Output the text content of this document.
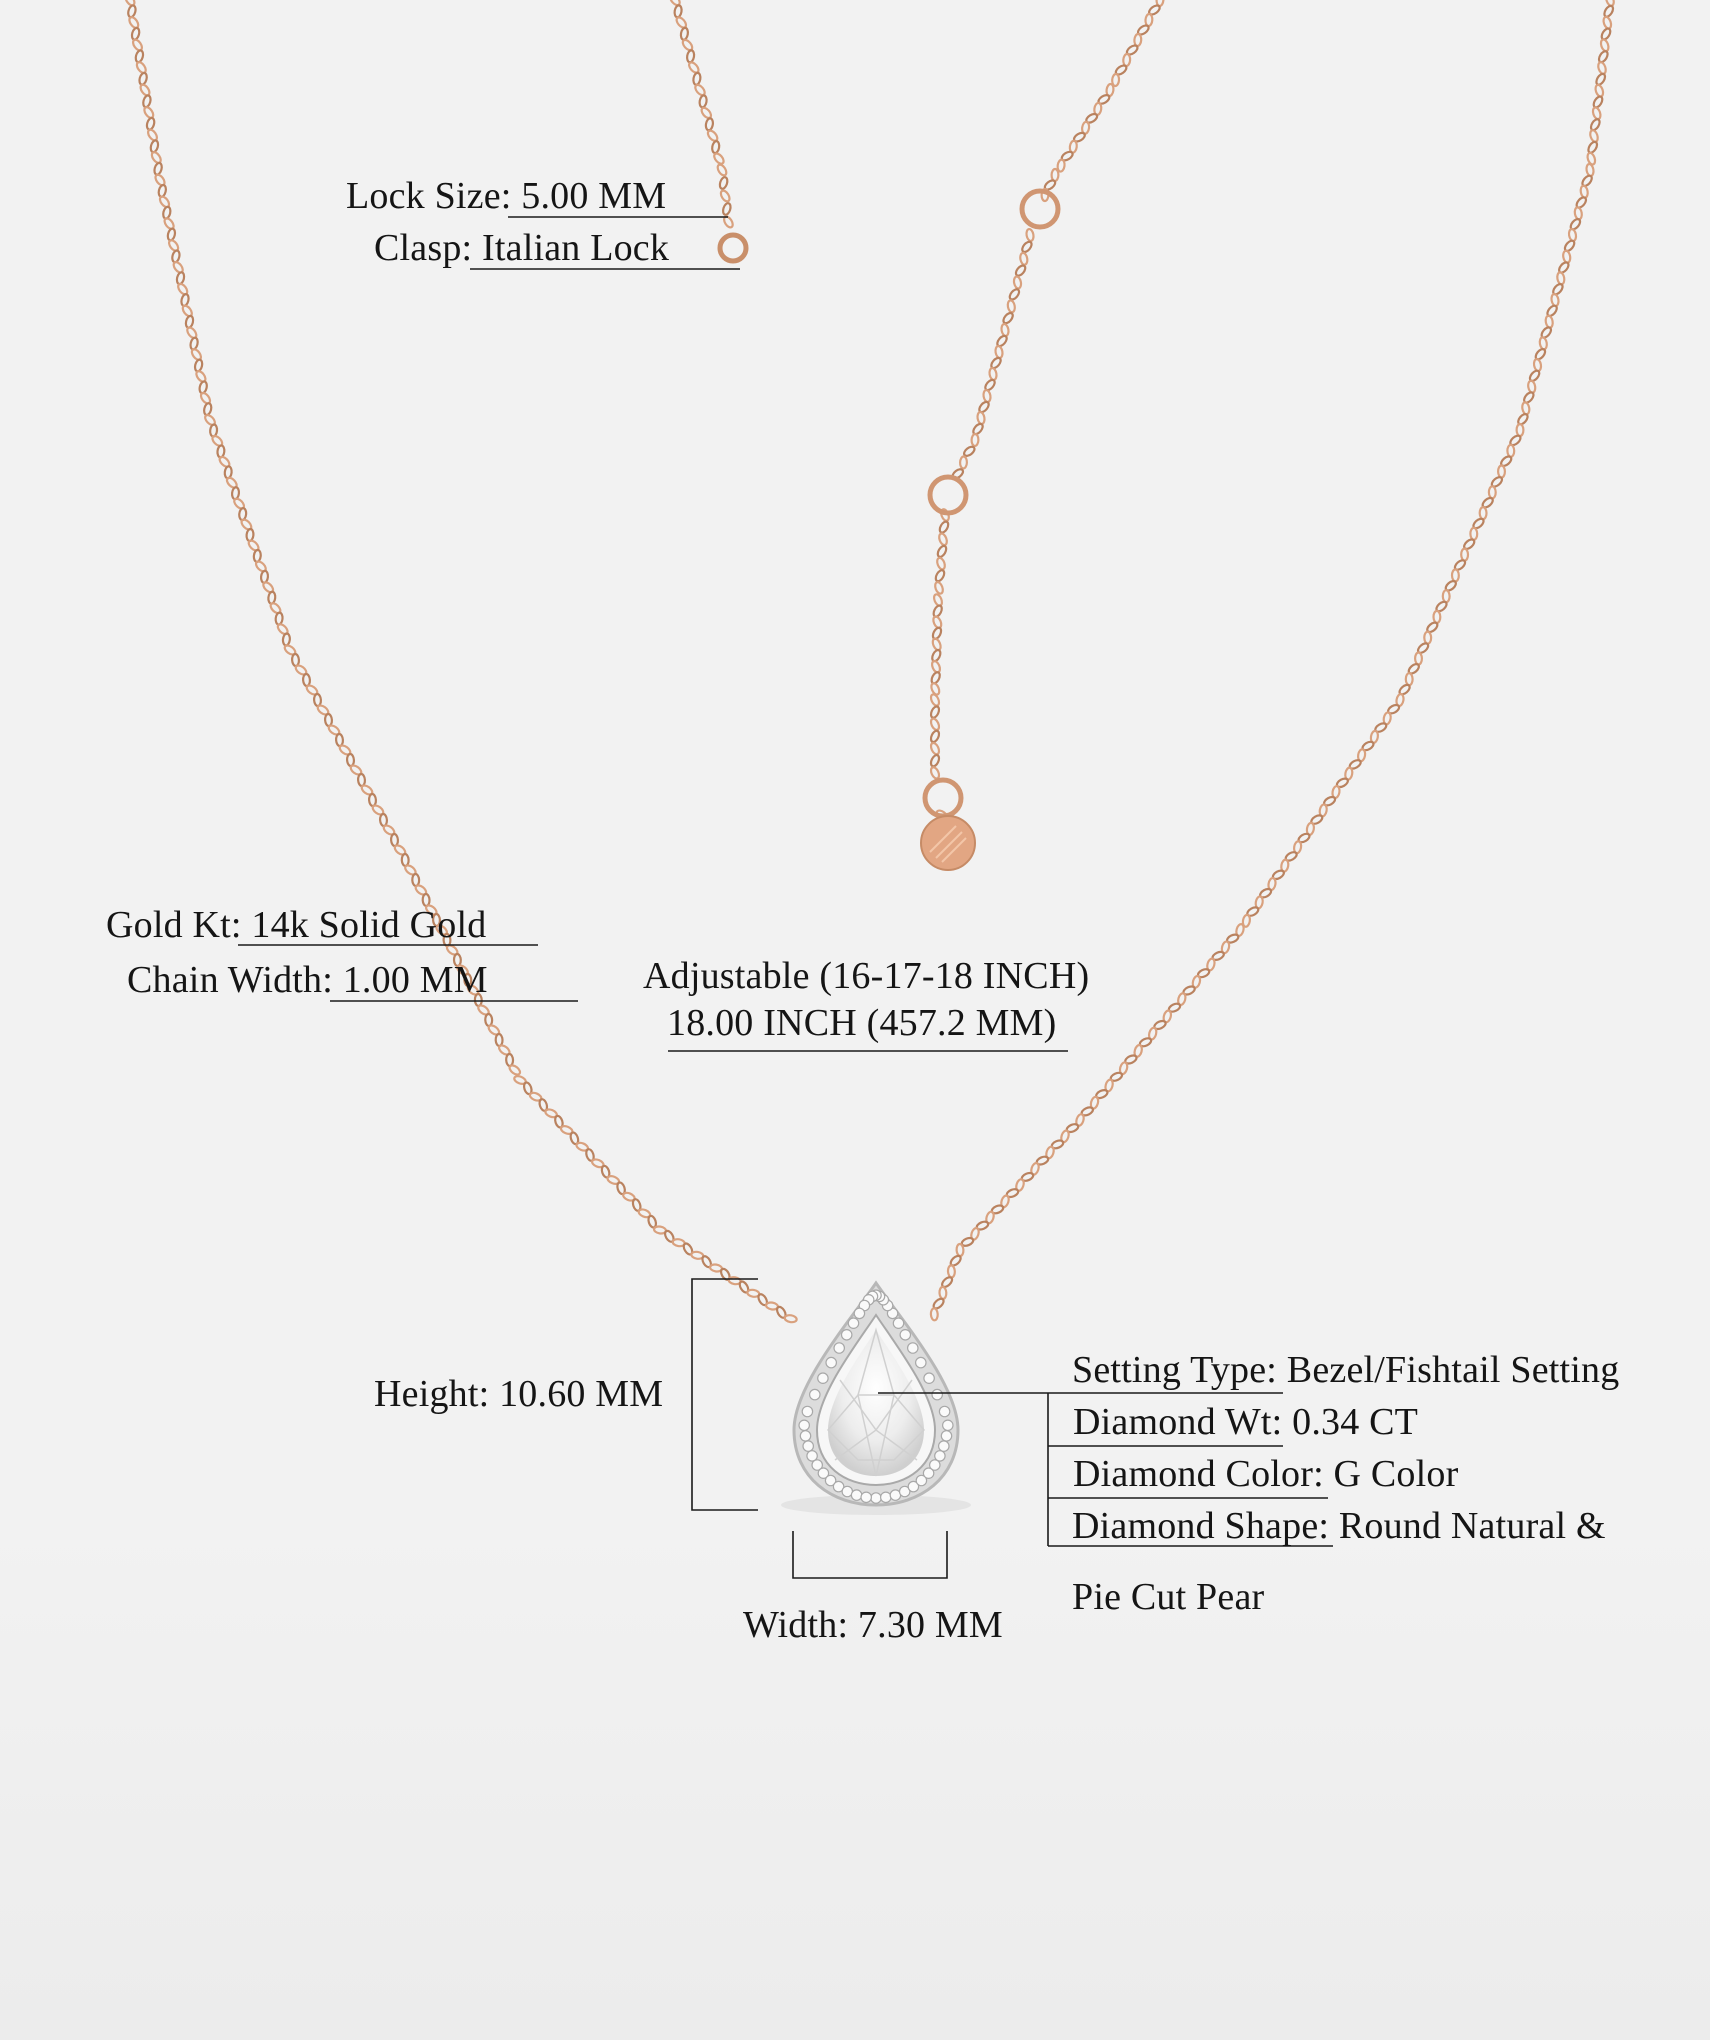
Lock Size: 5.00 MM
Clasp: Italian Lock
Gold Kt: 14k Solid Gold
Chain Width: 1.00 MM	Adjustable (16-17-18 INCH)
18.00 INCH (457.2 MM)
Height: 10.60 MM
Width: 7.30 MM
Setting Type: Bezel/Fishtail Setting
Diamond Wt: 0.34 CT
Diamond Color: G Color
Diamond Shape: Round Natural &
Pie Cut Pear
